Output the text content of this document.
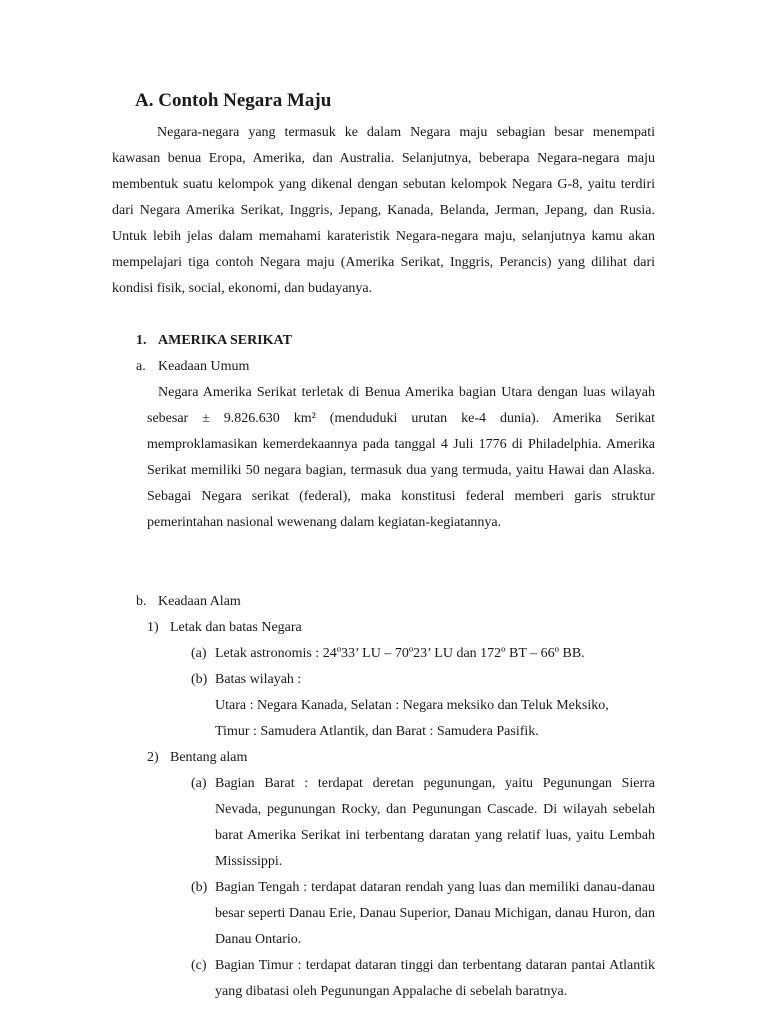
A. Contoh Negara Maju

Negara-negara yang termasuk ke dalam Negara maju sebagian besar menempati kawasan benua Eropa, Amerika, dan Australia. Selanjutnya, beberapa Negara-negara maju membentuk suatu kelompok yang dikenal dengan sebutan kelompok Negara G-8, yaitu terdiri dari Negara Amerika Serikat, Inggris, Jepang, Kanada, Belanda, Jerman, Jepang, dan Rusia. Untuk lebih jelas dalam memahami karateristik Negara-negara maju, selanjutnya kamu akan mempelajari tiga contoh Negara maju (Amerika Serikat, Inggris, Perancis) yang dilihat dari kondisi fisik, social, ekonomi, dan budayanya.

1. AMERIKA SERIKAT
a. Keadaan Umum

Negara Amerika Serikat terletak di Benua Amerika bagian Utara dengan luas wilayah sebesar ± 9.826.630 km² (menduduki urutan ke-4 dunia). Amerika Serikat memproklamasikan kemerdekaannya pada tanggal 4 Juli 1776 di Philadelphia. Amerika Serikat memiliki 50 negara bagian, termasuk dua yang termuda, yaitu Hawai dan Alaska. Sebagai Negara serikat (federal), maka konstitusi federal memberi garis struktur pemerintahan nasional wewenang dalam kegiatan-kegiatannya.

b. Keadaan Alam
1) Letak dan batas Negara
(a) Letak astronomis : 24º33’ LU – 70º23’ LU dan 172º BT – 66º BB.
(b) Batas wilayah :
Utara : Negara Kanada, Selatan : Negara meksiko dan Teluk Meksiko,
Timur : Samudera Atlantik, dan Barat : Samudera Pasifik.
2) Bentang alam
(a) Bagian Barat : terdapat deretan pegunungan, yaitu Pegunungan Sierra Nevada, pegunungan Rocky, dan Pegunungan Cascade. Di wilayah sebelah barat Amerika Serikat ini terbentang daratan yang relatif luas, yaitu Lembah Mississippi.

(b) Bagian Tengah : terdapat dataran rendah yang luas dan memiliki danau-danau besar seperti Danau Erie, Danau Superior, Danau Michigan, danau Huron, dan Danau Ontario.

(c) Bagian Timur : terdapat dataran tinggi dan terbentang dataran pantai Atlantik yang dibatasi oleh Pegunungan Appalache di sebelah baratnya.
